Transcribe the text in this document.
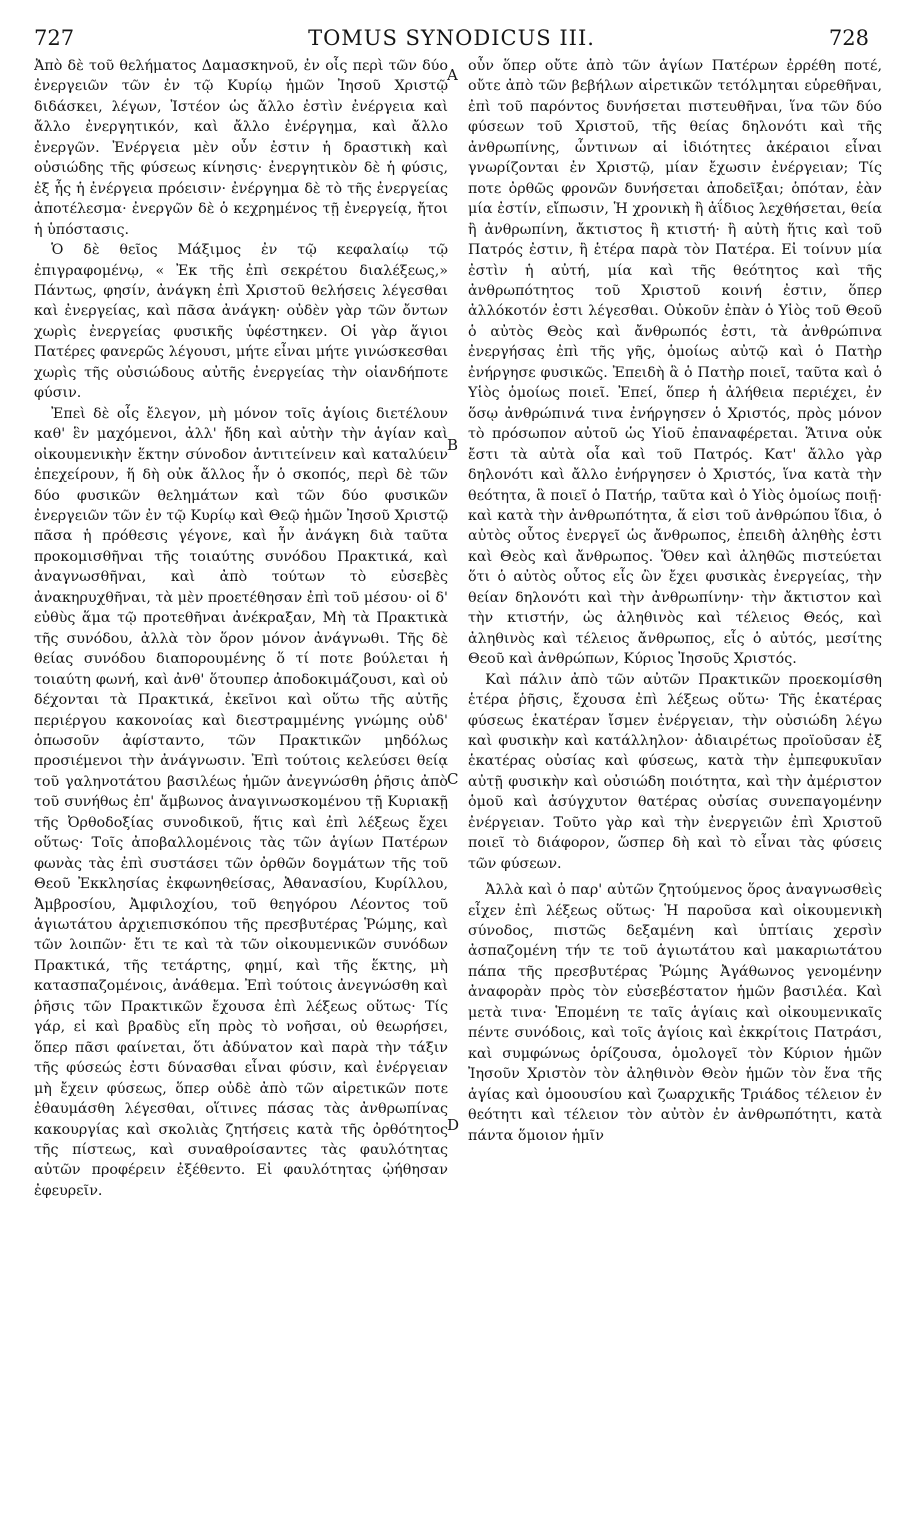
727	TOMUS SYNODICUS III.	728

Ἀπὸ δὲ τοῦ θελήματος Δαμασκηνοῦ, ἐν οἷς περὶ τῶν δύο ἐνεργειῶν τῶν ἐν τῷ Κυρίῳ ἡμῶν Ἰησοῦ Χριστῷ διδάσκει, λέγων, Ἰστέον ὡς ἄλλο ἐστὶν ἐνέργεια καὶ ἄλλο ἐνεργητικόν, καὶ ἄλλο ἐνέργημα, καὶ ἄλλο ἐνεργῶν. Ἐνέργεια μὲν οὖν ἐστιν ἡ δραστικὴ καὶ οὐσιώδης τῆς φύσεως κίνησις· ἐνεργητικὸν δὲ ἡ φύσις, ἐξ ἧς ἡ ἐνέργεια πρόεισιν· ἐνέργημα δὲ τὸ τῆς ἐνεργείας ἀποτέλεσμα· ἐνεργῶν δὲ ὁ κεχρημένος τῇ ἐνεργείᾳ, ἤτοι ἡ ὑπόστασις.

Ὁ δὲ θεῖος Μάξιμος ἐν τῷ κεφαλαίῳ τῷ ἐπιγραφομένῳ, « Ἐκ τῆς ἐπὶ σεκρέτου διαλέξεως,» Πάντως, φησίν, ἀνάγκη ἐπὶ Χριστοῦ θελήσεις λέγεσθαι καὶ ἐνεργείας, καὶ πᾶσα ἀνάγκη· οὐδὲν γὰρ τῶν ὄντων χωρὶς ἐνεργείας φυσικῆς ὑφέστηκεν. Οἱ γὰρ ἅγιοι Πατέρες φανερῶς λέγουσι, μήτε εἶναι μήτε γινώσκεσθαι χωρὶς τῆς οὐσιώδους αὐτῆς ἐνεργείας τὴν οἱανδήποτε φύσιν.

Ἐπεὶ δὲ οἷς ἔλεγον, μὴ μόνον τοῖς ἁγίοις διετέλουν καθ' ἓν μαχόμενοι, ἀλλ' ἤδη καὶ αὐτὴν τὴν ἁγίαν καὶ οἰκουμενικὴν ἕκτην σύνοδον ἀντιτείνειν καὶ καταλύειν ἐπεχείρουν, ἥ δὴ οὐκ ἄλλος ἦν ὁ σκοπός, περὶ δὲ τῶν δύο φυσικῶν θελημάτων καὶ τῶν δύο φυσικῶν ἐνεργειῶν τῶν ἐν τῷ Κυρίῳ καὶ Θεῷ ἡμῶν Ἰησοῦ Χριστῷ πᾶσα ἡ πρόθεσις γέγονε, καὶ ἦν ἀνάγκη διὰ ταῦτα προκομισθῆναι τῆς τοιαύτης συνόδου Πρακτικά, καὶ ἀναγνωσθῆναι, καὶ ἀπὸ τούτων τὸ εὐσεβὲς ἀνακηρυχθῆναι, τὰ μὲν προετέθησαν ἐπὶ τοῦ μέσου· οἱ δ' εὐθὺς ἅμα τῷ προτεθῆναι ἀνέκραξαν, Μὴ τὰ Πρακτικὰ τῆς συνόδου, ἀλλὰ τὸν ὅρον μόνον ἀνάγνωθι. Τῆς δὲ θείας συνόδου διαπορουμένης ὅ τί ποτε βούλεται ἡ τοιαύτη φωνή, καὶ ἀνθ' ὅτουπερ ἀποδοκιμάζουσι, καὶ οὐ δέχονται τὰ Πρακτικά, ἐκεῖνοι καὶ οὕτω τῆς αὐτῆς περιέργου κακονοίας καὶ διεστραμμένης γνώμης οὐδ' ὁπωσοῦν ἀφίσταντο, τῶν Πρακτικῶν μηδόλως προσιέμενοι τὴν ἀνάγνωσιν. Ἐπὶ τούτοις κελεύσει θείᾳ τοῦ γαληνοτάτου βασιλέως ἡμῶν ἀνεγνώσθη ῥῆσις ἀπὸ τοῦ συνήθως ἐπ' ἄμβωνος ἀναγινωσκομένου τῇ Κυριακῇ τῆς Ὀρθοδοξίας συνοδικοῦ, ἥτις καὶ ἐπὶ λέξεως ἔχει οὕτως· Τοῖς ἀποβαλλομένοις τὰς τῶν ἁγίων Πατέρων φωνὰς τὰς ἐπὶ συστάσει τῶν ὀρθῶν δογμάτων τῆς τοῦ Θεοῦ Ἐκκλησίας ἐκφωνηθείσας, Ἀθανασίου, Κυρίλλου, Ἀμβροσίου, Ἀμφιλοχίου, τοῦ θεηγόρου Λέοντος τοῦ ἁγιωτάτου ἀρχιεπισκόπου τῆς πρεσβυτέρας Ῥώμης, καὶ τῶν λοιπῶν· ἔτι τε καὶ τὰ τῶν οἰκουμενικῶν συνόδων Πρακτικά, τῆς τετάρτης, φημί, καὶ τῆς ἕκτης, μὴ κατασπαζομένοις, ἀνάθεμα. Ἐπὶ τούτοις ἀνεγνώσθη καὶ ῥῆσις τῶν Πρακτικῶν ἔχουσα ἐπὶ λέξεως οὕτως· Τίς γάρ, εἰ καὶ βραδὺς εἴη πρὸς τὸ νοῆσαι, οὐ θεωρήσει, ὅπερ πᾶσι φαίνεται, ὅτι ἀδύνατον καὶ παρὰ τὴν τάξιν τῆς φύσεώς ἐστι δύνασθαι εἶναι φύσιν, καὶ ἐνέργειαν μὴ ἔχειν φύσεως, ὅπερ οὐδὲ ἀπὸ τῶν αἱρετικῶν ποτε ἐθαυμάσθη λέγεσθαι, οἵτινες πάσας τὰς ἀνθρωπίνας κακουργίας καὶ σκολιὰς ζητήσεις κατὰ τῆς ὀρθότητος τῆς πίστεως, καὶ συναθροίσαντες τὰς φαυλότητας αὐτῶν προφέρειν ἐξέθεντο. Εἰ φαυλότητας ᾠήθησαν ἐφευρεῖν.

A
B
C
D

οὖν ὅπερ οὔτε ἀπὸ τῶν ἁγίων Πατέρων ἐρρέθη ποτέ, οὔτε ἀπὸ τῶν βεβήλων αἱρετικῶν τετόλμηται εὑρεθῆναι, ἐπὶ τοῦ παρόντος δυνήσεται πιστευθῆναι, ἵνα τῶν δύο φύσεων τοῦ Χριστοῦ, τῆς θείας δηλονότι καὶ τῆς ἀνθρωπίνης, ὧντινων αἱ ἰδιότητες ἀκέραιοι εἶναι γνωρίζονται ἐν Χριστῷ, μίαν ἔχωσιν ἐνέργειαν; Τίς ποτε ὀρθῶς φρονῶν δυνήσεται ἀποδεῖξαι; ὁπόταν, ἐὰν μία ἐστίν, εἴπωσιν, Ἡ χρονικὴ ἢ ἀΐδιος λεχθήσεται, θεία ἢ ἀνθρωπίνη, ἄκτιστος ἢ κτιστή· ἢ αὐτὴ ἥτις καὶ τοῦ Πατρός ἐστιν, ἢ ἑτέρα παρὰ τὸν Πατέρα. Εἰ τοίνυν μία ἐστὶν ἡ αὐτή, μία καὶ τῆς θεότητος καὶ τῆς ἀνθρωπότητος τοῦ Χριστοῦ κοινή ἐστιν, ὅπερ ἀλλόκοτόν ἐστι λέγεσθαι. Οὐκοῦν ἐπὰν ὁ Υἱὸς τοῦ Θεοῦ ὁ αὐτὸς Θεὸς καὶ ἄνθρωπός ἐστι, τὰ ἀνθρώπινα ἐνεργήσας ἐπὶ τῆς γῆς, ὁμοίως αὐτῷ καὶ ὁ Πατὴρ ἐνήργησε φυσικῶς. Ἐπειδὴ ἃ ὁ Πατὴρ ποιεῖ, ταῦτα καὶ ὁ Υἱὸς ὁμοίως ποιεῖ. Ἐπεί, ὅπερ ἡ ἀλήθεια περιέχει, ἐν ὅσῳ ἀνθρώπινά τινα ἐνήργησεν ὁ Χριστός, πρὸς μόνον τὸ πρόσωπον αὐτοῦ ὡς Υἱοῦ ἐπαναφέρεται. Ἅτινα οὐκ ἔστι τὰ αὐτὰ οἷα καὶ τοῦ Πατρός. Κατ' ἄλλο γὰρ δηλονότι καὶ ἄλλο ἐνήργησεν ὁ Χριστός, ἵνα κατὰ τὴν θεότητα, ἃ ποιεῖ ὁ Πατήρ, ταῦτα καὶ ὁ Υἱὸς ὁμοίως ποιῇ· καὶ κατὰ τὴν ἀνθρωπότητα, ἅ εἰσι τοῦ ἀνθρώπου ἴδια, ὁ αὐτὸς οὗτος ἐνεργεῖ ὡς ἄνθρωπος, ἐπειδὴ ἀληθὴς ἐστι καὶ Θεὸς καὶ ἄνθρωπος. Ὅθεν καὶ ἀληθῶς πιστεύεται ὅτι ὁ αὐτὸς οὗτος εἷς ὢν ἔχει φυσικὰς ἐνεργείας, τὴν θείαν δηλονότι καὶ τὴν ἀνθρωπίνην· τὴν ἄκτιστον καὶ τὴν κτιστήν, ὡς ἀληθινὸς καὶ τέλειος Θεός, καὶ ἀληθινὸς καὶ τέλειος ἄνθρωπος, εἷς ὁ αὐτός, μεσίτης Θεοῦ καὶ ἀνθρώπων, Κύριος Ἰησοῦς Χριστός.

Καὶ πάλιν ἀπὸ τῶν αὐτῶν Πρακτικῶν προεκομίσθη ἑτέρα ῥῆσις, ἔχουσα ἐπὶ λέξεως οὕτω· Τῆς ἑκατέρας φύσεως ἑκατέραν ἴσμεν ἐνέργειαν, τὴν οὐσιώδη λέγω καὶ φυσικὴν καὶ κατάλληλον· ἀδιαιρέτως προϊοῦσαν ἐξ ἑκατέρας οὐσίας καὶ φύσεως, κατὰ τὴν ἐμπεφυκυῖαν αὐτῇ φυσικὴν καὶ οὐσιώδη ποιότητα, καὶ τὴν ἀμέριστον ὁμοῦ καὶ ἀσύγχυτον θατέρας οὐσίας συνεπαγομένην ἐνέργειαν. Τοῦτο γὰρ καὶ τὴν ἐνεργειῶν ἐπὶ Χριστοῦ ποιεῖ τὸ διάφορον, ὥσπερ δὴ καὶ τὸ εἶναι τὰς φύσεις τῶν φύσεων.

Ἀλλὰ καὶ ὁ παρ' αὐτῶν ζητούμενος ὅρος ἀναγνωσθεὶς εἶχεν ἐπὶ λέξεως οὕτως· Ἡ παροῦσα καὶ οἰκουμενικὴ σύνοδος, πιστῶς δεξαμένη καὶ ὑπτίαις χερσὶν ἀσπαζομένη τήν τε τοῦ ἁγιωτάτου καὶ μακαριωτάτου πάπα τῆς πρεσβυτέρας Ῥώμης Ἀγάθωνος γενομένην ἀναφορὰν πρὸς τὸν εὐσεβέστατον ἡμῶν βασιλέα. Καὶ μετὰ τινα· Ἑπομένη τε ταῖς ἁγίαις καὶ οἰκουμενικαῖς πέντε συνόδοις, καὶ τοῖς ἁγίοις καὶ ἐκκρίτοις Πατράσι, καὶ συμφώνως ὁρίζουσα, ὁμολογεῖ τὸν Κύριον ἡμῶν Ἰησοῦν Χριστὸν τὸν ἀληθινὸν Θεὸν ἡμῶν τὸν ἕνα τῆς ἁγίας καὶ ὁμοουσίου καὶ ζωαρχικῆς Τριάδος τέλειον ἐν θεότητι καὶ τέλειον τὸν αὐτὸν ἐν ἀνθρωπότητι, κατὰ πάντα ὅμοιον ἡμῖν
